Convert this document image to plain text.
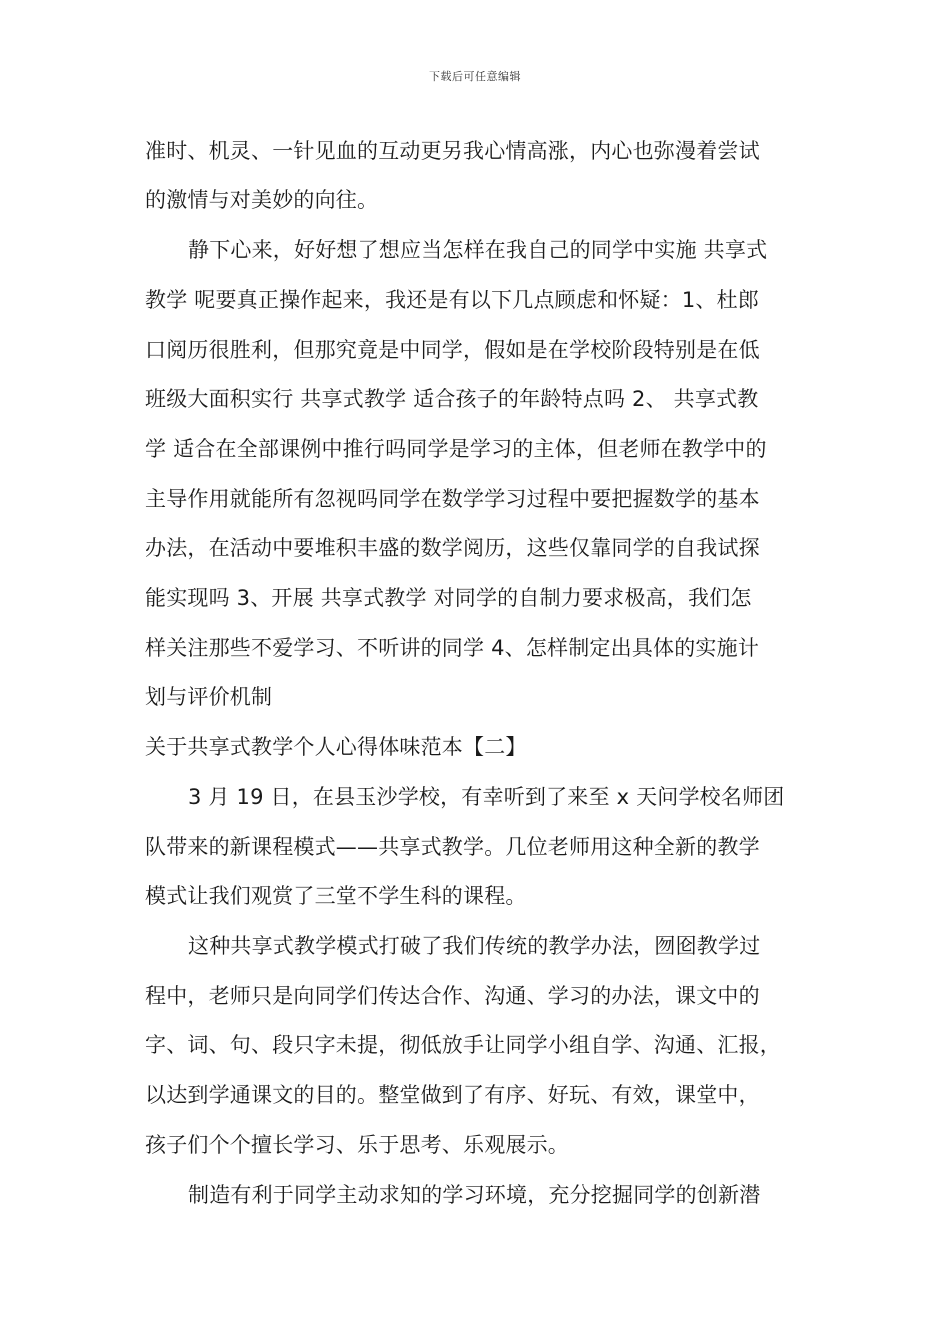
下载后可任意编辑
准时、机灵、一针见血的互动更另我心情高涨，内心也弥漫着尝试
的激情与对美妙的向往。
静下心来，好好想了想应当怎样在我自己的同学中实施 共享式
教学 呢要真正操作起来，我还是有以下几点顾虑和怀疑：1、杜郎
口阅历很胜利，但那究竟是中同学，假如是在学校阶段特别是在低
班级大面积实行 共享式教学 适合孩子的年龄特点吗 2、 共享式教
学 适合在全部课例中推行吗同学是学习的主体，但老师在教学中的
主导作用就能所有忽视吗同学在数学学习过程中要把握数学的基本
办法，在活动中要堆积丰盛的数学阅历，这些仅靠同学的自我试探
能实现吗 3、开展 共享式教学 对同学的自制力要求极高，我们怎
样关注那些不爱学习、不听讲的同学 4、怎样制定出具体的实施计
划与评价机制
关于共享式教学个人心得体味范本【二】
3 月 19 日，在县玉沙学校，有幸听到了来至 x 天问学校名师团
队带来的新课程模式——共享式教学。几位老师用这种全新的教学
模式让我们观赏了三堂不学生科的课程。
这种共享式教学模式打破了我们传统的教学办法，囫囵教学过
程中，老师只是向同学们传达合作、沟通、学习的办法，课文中的
字、词、句、段只字未提，彻低放手让同学小组自学、沟通、汇报，
以达到学通课文的目的。整堂做到了有序、好玩、有效，课堂中，
孩子们个个擅长学习、乐于思考、乐观展示。
制造有利于同学主动求知的学习环境，充分挖掘同学的创新潜
